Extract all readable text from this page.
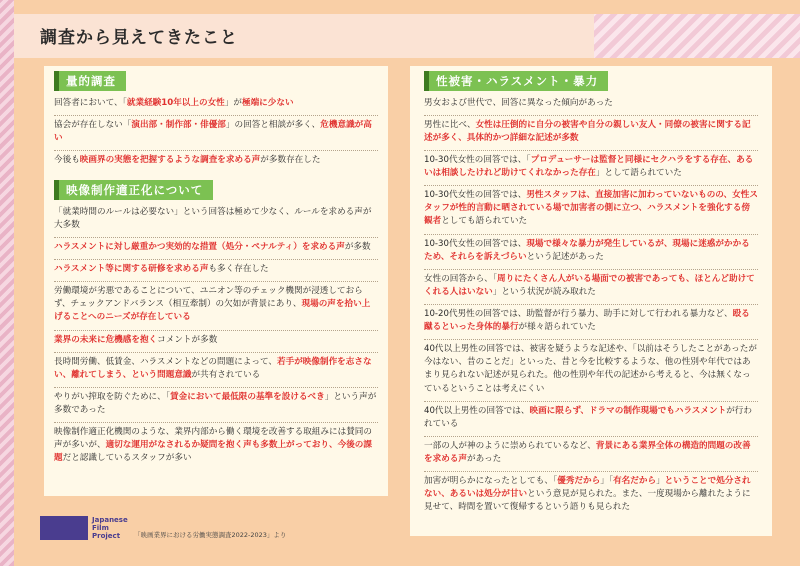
調査から見えてきたこと
Japanese
Film
Project	「映画業界における労働実態調査2022-2023」より
量的調査
回答者において、「就業経験10年以上の女性」が極端に少ない
協会が存在しない「演出部・制作部・俳優部」の回答と相談が多く、危機意識が高い
今後も映画界の実態を把握するような調査を求める声が多数存在した
映像制作適正化について
「就業時間のルールは必要ない」という回答は極めて少なく、ルールを求める声が大多数
ハラスメントに対し厳重かつ実効的な措置（処分・ペナルティ）を求める声が多数
ハラスメント等に関する研修を求める声も多く存在した
労働環境が劣悪であることについて、ユニオン等のチェック機関が浸透しておらず、チェックアンドバランス（相互牽制）の欠如が背景にあり、現場の声を拾い上げることへのニーズが存在している
業界の未来に危機感を抱くコメントが多数
長時間労働、低賃金、ハラスメントなどの問題によって、若手が映像制作を志さない、離れてしまう、という問題意識が共有されている
やりがい搾取を防ぐために、「賃金において最低限の基準を設けるべき」という声が多数であった
映像制作適正化機関のような、業界内部から働く環境を改善する取組みには賛同の声が多いが、適切な運用がなされるか疑問を抱く声も多数上がっており、今後の課題だと認識しているスタッフが多い
性被害・ハラスメント・暴力
男女および世代で、回答に異なった傾向があった
男性に比べ、女性は圧倒的に自分の被害や自分の親しい友人・同僚の被害に関する記述が多く、具体的かつ詳細な記述が多数
10-30代女性の回答では、「プロデューサーは監督と同様にセクハラをする存在、あるいは相談したけれど助けてくれなかった存在」として語られていた
10-30代女性の回答では、男性スタッフは、直接加害に加わっていないものの、女性スタッフが性的言動に晒されている場で加害者の側に立つ、ハラスメントを強化する傍観者としても語られていた
10-30代女性の回答では、現場で様々な暴力が発生しているが、現場に迷惑がかかるため、それらを訴えづらいという記述があった
女性の回答から、「周りにたくさん人がいる場面での被害であっても、ほとんど助けてくれる人はいない」という状況が読み取れた
10-20代男性の回答では、助監督が行う暴力、助手に対して行われる暴力など、殴る蹴るといった身体的暴行が様々語られていた
40代以上男性の回答では、被害を疑うような記述や、「以前はそうしたことがあったが今はない、昔のことだ」といった、昔と今を比較するような、他の性別や年代ではあまり見られない記述が見られた。他の性別や年代の記述から考えると、今は無くなっているということは考えにくい
40代以上男性の回答では、映画に限らず、ドラマの制作現場でもハラスメントが行われている
一部の人が神のように崇められているなど、背景にある業界全体の構造的問題の改善を求める声があった
加害が明らかになったとしても、「優秀だから」「有名だから」ということで処分されない、あるいは処分が甘いという意見が見られた。また、一度現場から離れたように見せて、時間を置いて復帰するという語りも見られた
